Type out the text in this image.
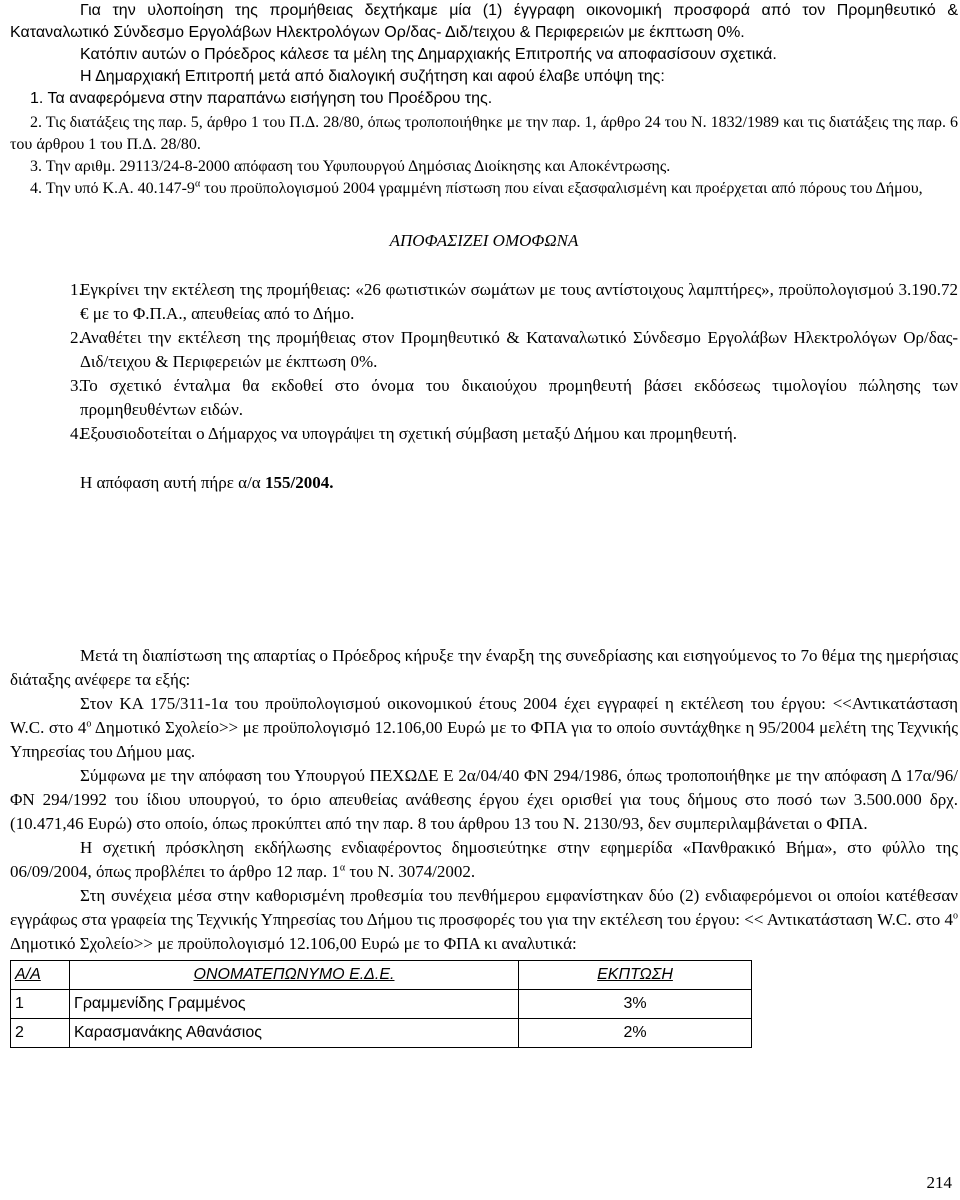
Για την υλοποίηση της προμήθειας δεχτήκαμε μία (1) έγγραφη οικονομική προσφορά από τον Προμηθευτικό & Καταναλωτικό Σύνδεσμο Εργολάβων Ηλεκτρολόγων Ορ/δας- Διδ/τειχου & Περιφερειών με έκπτωση 0%.

Κατόπιν αυτών ο Πρόεδρος κάλεσε τα μέλη της Δημαρχιακής Επιτροπής να αποφασίσουν σχετικά.

Η Δημαρχιακή Επιτροπή μετά από διαλογική συζήτηση και αφού έλαβε υπόψη της:

1. Τα αναφερόμενα στην παραπάνω εισήγηση του Προέδρου της.

2. Τις διατάξεις της παρ. 5, άρθρο 1 του Π.Δ. 28/80, όπως τροποποιήθηκε με την παρ. 1, άρθρο 24 του Ν. 1832/1989 και τις διατάξεις της παρ. 6 του άρθρου 1 του Π.Δ. 28/80.

3. Την αριθμ. 29113/24-8-2000 απόφαση του Υφυπουργού Δημόσιας Διοίκησης και Αποκέντρωσης.

4. Την υπό Κ.Α. $40.147-9^\alpha$ του προϋπολογισμού 2004 γραμμένη πίστωση που είναι εξασφαλισμένη και προέρχεται από πόρους του Δήμου,

ΑΠΟΦΑΣΙΖΕΙ ΟΜΟΦΩΝΑ

1.
Εγκρίνει την εκτέλεση της προμήθειας: «26 φωτιστικών σωμάτων με τους αντίστοιχους λαμπτήρες», προϋπολογισμού 3.190.72 € με το Φ.Π.Α., απευθείας από το Δήμο.
2.
Αναθέτει την εκτέλεση της προμήθειας στον Προμηθευτικό & Καταναλωτικό Σύνδεσμο Εργολάβων Ηλεκτρολόγων Ορ/δας- Διδ/τειχου & Περιφερειών με έκπτωση 0%.
3.
Το σχετικό ένταλμα θα εκδοθεί στο όνομα του δικαιούχου προμηθευτή βάσει εκδόσεως τιμολογίου πώλησης των προμηθευθέντων ειδών.
4.
Εξουσιοδοτείται ο Δήμαρχος να υπογράψει τη σχετική σύμβαση μεταξύ Δήμου και προμηθευτή.

Η απόφαση αυτή πήρε α/α 155/2004.

Μετά τη διαπίστωση της απαρτίας ο Πρόεδρος κήρυξε την έναρξη της συνεδρίασης και εισηγούμενος το 7ο θέμα της ημερήσιας διάταξης ανέφερε τα εξής:

Στον ΚΑ 175/311-1α του προϋπολογισμού οικονομικού έτους 2004 έχει εγγραφεί η εκτέλεση του έργου: <<Αντικατάσταση W.C. στο $4^o$ Δημοτικό Σχολείο>> με προϋπολογισμό 12.106,00 Ευρώ με το ΦΠΑ για το οποίο συντάχθηκε η 95/2004 μελέτη της Τεχνικής Υπηρεσίας του Δήμου μας.

Σύμφωνα με την απόφαση του Υπουργού ΠΕΧΩΔΕ Ε 2α/04/40 ΦΝ 294/1986, όπως τροποποιήθηκε με την απόφαση Δ 17α/96/ΦΝ 294/1992 του ίδιου υπουργού, το όριο απευθείας ανάθεσης έργου έχει ορισθεί για τους δήμους στο ποσό των 3.500.000 δρχ. (10.471,46 Ευρώ) στο οποίο, όπως προκύπτει από την παρ. 8 του άρθρου 13 του Ν. 2130/93, δεν συμπεριλαμβάνεται ο ΦΠΑ.

Η σχετική πρόσκληση εκδήλωσης ενδιαφέροντος δημοσιεύτηκε στην εφημερίδα «Πανθρακικό Βήμα», στο φύλλο της 06/09/2004, όπως προβλέπει το άρθρο 12 παρ. $1^\alpha$ του Ν. 3074/2002.

Στη συνέχεια μέσα στην καθορισμένη προθεσμία του πενθήμερου εμφανίστηκαν δύο (2) ενδιαφερόμενοι οι οποίοι κατέθεσαν εγγράφως στα γραφεία της Τεχνικής Υπηρεσίας του Δήμου τις προσφορές του για την εκτέλεση του έργου: << Αντικατάσταση W.C. στο $4^o$ Δημοτικό Σχολείο>> με προϋπολογισμό 12.106,00 Ευρώ με το ΦΠΑ κι αναλυτικά:

Α/Α	ΟΝΟΜΑΤΕΠΩΝΥΜΟ Ε.Δ.Ε.	ΕΚΠΤΩΣΗ
1	Γραμμενίδης Γραμμένος	3%
2	Καρασμανάκης Αθανάσιος	2%
214
